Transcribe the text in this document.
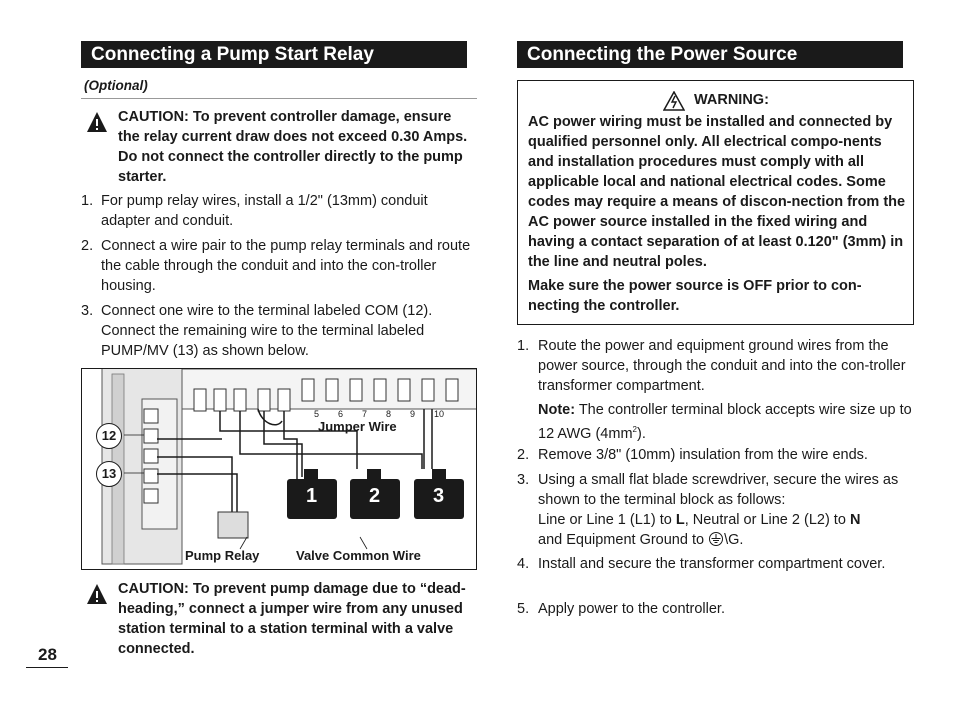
Connecting a Pump Start Relay
(Optional)
CAUTION: To prevent controller damage, ensure the relay current draw does not exceed 0.30 Amps. Do not connect the controller directly to the pump starter.
1. For pump relay wires, install a 1/2" (13mm) conduit adapter and conduit.
2. Connect a wire pair to the pump relay terminals and route the cable through the conduit and into the con-troller housing.
3. Connect one wire to the terminal labeled COM (12). Connect the remaining wire to the terminal labeled PUMP/MV (13) as shown below.
12
13
5 6 7 8 9 10
Jumper Wire
1	2	3
Pump Relay	Valve Common Wire
CAUTION: To prevent pump damage due to “dead-heading,” connect a jumper wire from any unused station terminal to a station terminal with a valve connected.
28
Connecting the Power Source
WARNING:
AC power wiring must be installed and connected by qualified personnel only. All electrical compo-nents and installation procedures must comply with all applicable local and national electrical codes. Some codes may require a means of discon-nection from the AC power source installed in the fixed wiring and having a contact separation of at least 0.120" (3mm) in the line and neutral poles.
Make sure the power source is OFF prior to con-necting the controller.
1. Route the power and equipment ground wires from the power source, through the conduit and into the con-troller transformer compartment.
Note: The controller terminal block accepts wire size up to 12 AWG $(4mm^2)$.
2. Remove 3/8" (10mm) insulation from the wire ends.
3. Using a small flat blade screwdriver, secure the wires as shown to the terminal block as follows:
Line or Line 1 (L1) to L, Neutral or Line 2 (L2) to N
and Equipment Ground to \G.
4. Install and secure the transformer compartment cover.
5. Apply power to the controller.
